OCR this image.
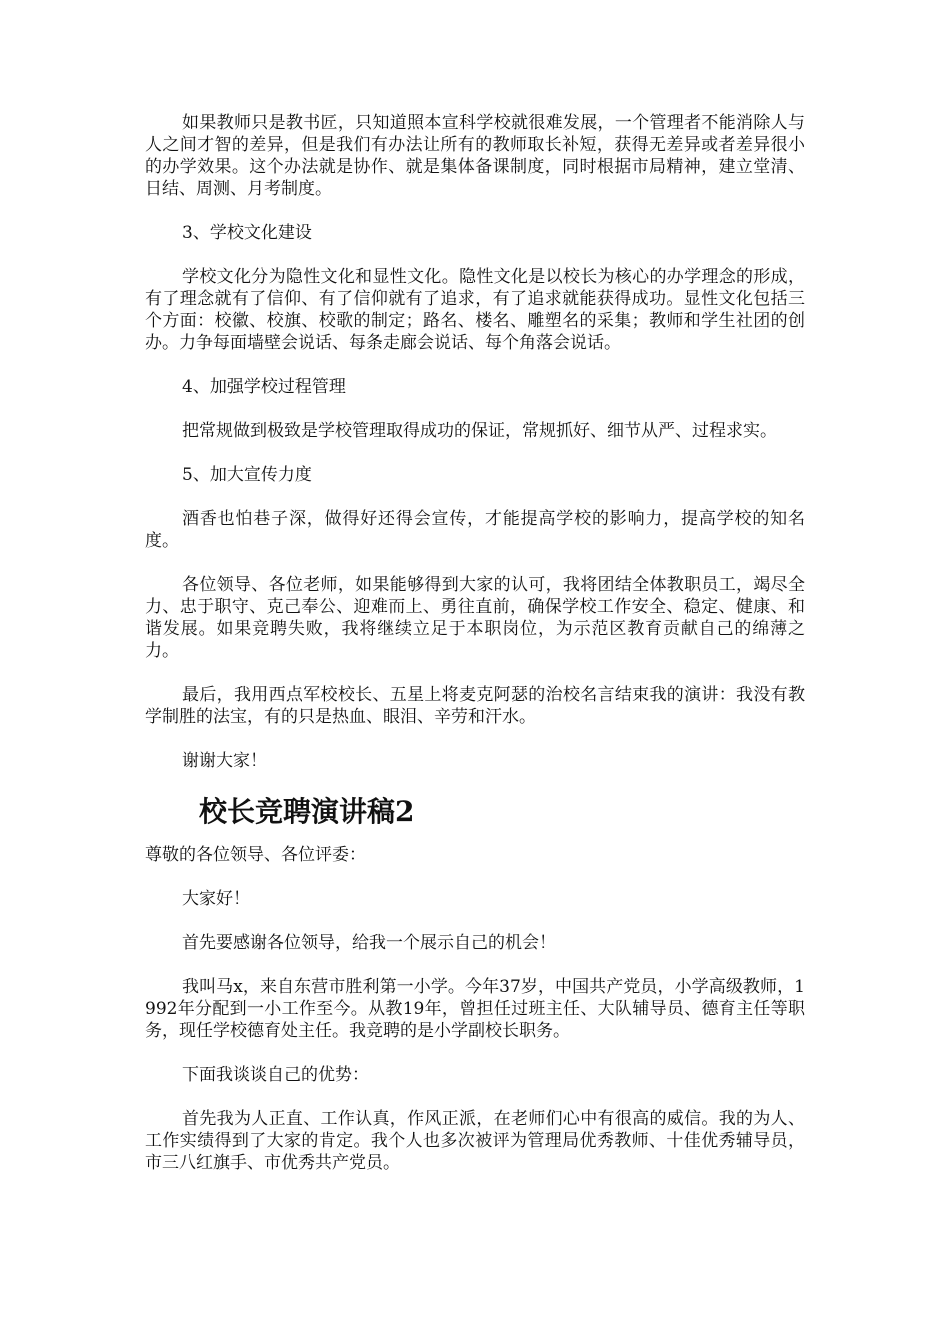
如果教师只是教书匠，只知道照本宣科学校就很难发展，一个管理者不能消除人与人之间才智的差异，但是我们有办法让所有的教师取长补短，获得无差异或者差异很小的办学效果。这个办法就是协作、就是集体备课制度，同时根据市局精神，建立堂清、日结、周测、月考制度。

3、学校文化建设

学校文化分为隐性文化和显性文化。隐性文化是以校长为核心的办学理念的形成，有了理念就有了信仰、有了信仰就有了追求，有了追求就能获得成功。显性文化包括三个方面：校徽、校旗、校歌的制定；路名、楼名、雕塑名的采集；教师和学生社团的创办。力争每面墙壁会说话、每条走廊会说话、每个角落会说话。

4、加强学校过程管理

把常规做到极致是学校管理取得成功的保证，常规抓好、细节从严、过程求实。

5、加大宣传力度

酒香也怕巷子深，做得好还得会宣传，才能提高学校的影响力，提高学校的知名度。

各位领导、各位老师，如果能够得到大家的认可，我将团结全体教职员工，竭尽全力、忠于职守、克己奉公、迎难而上、勇往直前，确保学校工作安全、稳定、健康、和谐发展。如果竞聘失败，我将继续立足于本职岗位，为示范区教育贡献自己的绵薄之力。

最后，我用西点军校校长、五星上将麦克阿瑟的治校名言结束我的演讲：我没有教学制胜的法宝，有的只是热血、眼泪、辛劳和汗水。

谢谢大家！

校长竞聘演讲稿2

尊敬的各位领导、各位评委：

大家好！

首先要感谢各位领导，给我一个展示自己的机会！

我叫马x，来自东营市胜利第一小学。今年37岁，中国共产党员，小学高级教师，1992年分配到一小工作至今。从教19年，曾担任过班主任、大队辅导员、德育主任等职务，现任学校德育处主任。我竞聘的是小学副校长职务。

下面我谈谈自己的优势：

首先我为人正直、工作认真，作风正派，在老师们心中有很高的威信。我的为人、工作实绩得到了大家的肯定。我个人也多次被评为管理局优秀教师、十佳优秀辅导员，市三八红旗手、市优秀共产党员。
